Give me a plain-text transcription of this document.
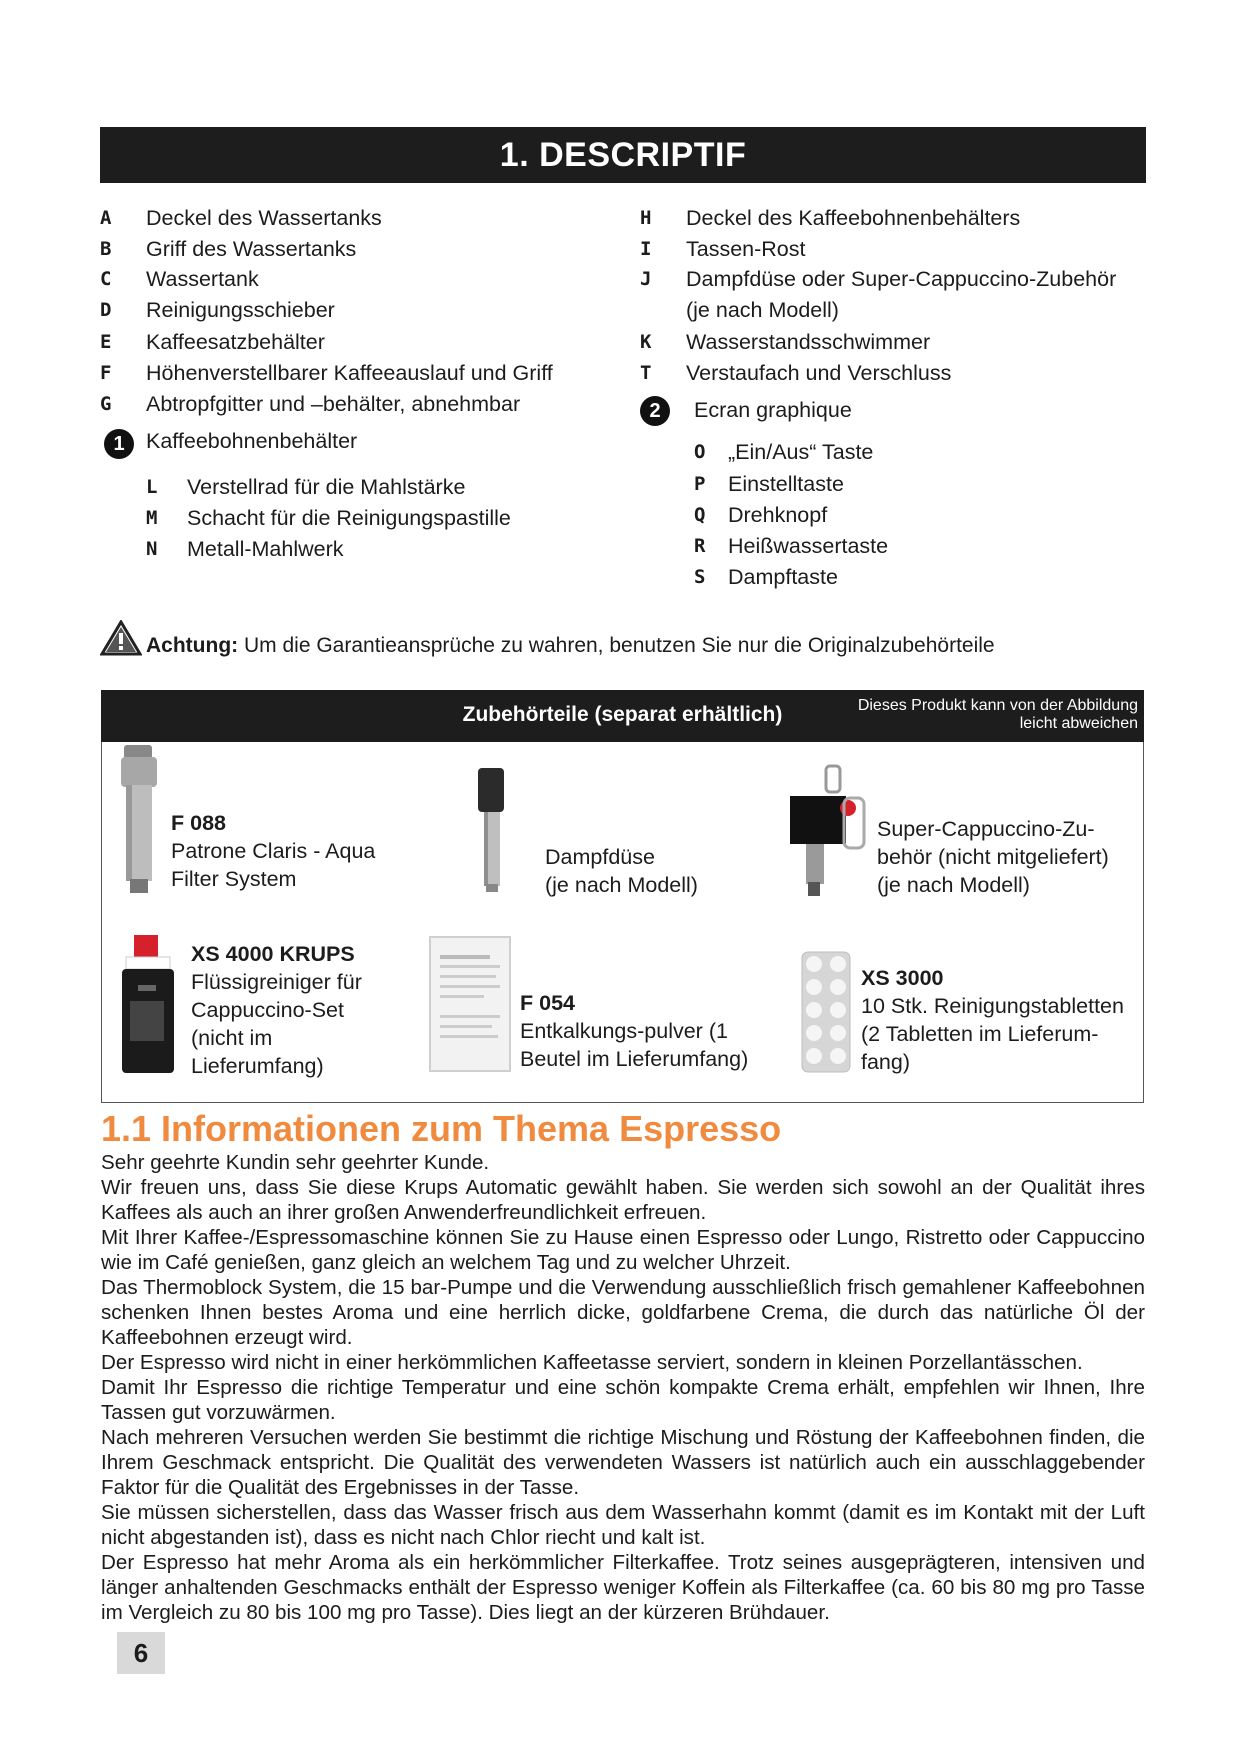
1. DESCRIPTIF
A Deckel des Wassertanks
B Griff des Wassertanks
C Wassertank
D Reinigungsschieber
E Kaffeesatzbehälter
F Höhenverstellbarer Kaffeeauslauf und Griff
G Abtropfgitter und –behälter, abnehmbar
1 Kaffeebohnenbehälter
L Verstellrad für die Mahlstärke
M Schacht für die Reinigungspastille
N Metall-Mahlwerk
H Deckel des Kaffeebohnenbehälters
I Tassen-Rost
J Dampfdüse oder Super-Cappuccino-Zubehör
(je nach Modell)
K Wasserstandsschwimmer
T Verstaufach und Verschluss
2	Ecran graphique
O „Ein/Aus“ Taste
P Einstelltaste
Q Drehknopf
R Heißwassertaste
S Dampftaste
Achtung: Um die Garantieansprüche zu wahren, benutzen Sie nur die Originalzubehörteile
Zubehörteile (separat erhältlich)	Dieses Produkt kann von der Abbildung
leicht abweichen
F 088
Patrone Claris - Aqua
Filter System
Dampfdüse
(je nach Modell)
Super-Cappuccino-Zu-
behör (nicht mitgeliefert)
(je nach Modell)
XS 4000 KRUPS
Flüssigreiniger für
Cappuccino-Set
(nicht im
Lieferumfang)
F 054
Entkalkungs-pulver (1
Beutel im Lieferumfang)
XS 3000
10 Stk. Reinigungstabletten
(2 Tabletten im Lieferum-
fang)
1.1 Informationen zum Thema Espresso

Sehr geehrte Kundin sehr geehrter Kunde.

Wir freuen uns, dass Sie diese Krups Automatic gewählt haben. Sie werden sich sowohl an der Qualität ihres Kaffees als auch an ihrer großen Anwenderfreundlichkeit erfreuen.

Mit Ihrer Kaffee-/Espressomaschine können Sie zu Hause einen Espresso oder Lungo, Ristretto oder Cappuccino wie im Café genießen, ganz gleich an welchem Tag und zu welcher Uhrzeit.

Das Thermoblock System, die 15 bar-Pumpe und die Verwendung ausschließlich frisch gemahlener Kaffeebohnen schenken Ihnen bestes Aroma und eine herrlich dicke, goldfarbene Crema, die durch das natürliche Öl der Kaffeebohnen erzeugt wird.

Der Espresso wird nicht in einer herkömmlichen Kaffeetasse serviert, sondern in kleinen Porzellantässchen.

Damit Ihr Espresso die richtige Temperatur und eine schön kompakte Crema erhält, empfehlen wir Ihnen, Ihre Tassen gut vorzuwärmen.

Nach mehreren Versuchen werden Sie bestimmt die richtige Mischung und Röstung der Kaffeebohnen finden, die Ihrem Geschmack entspricht. Die Qualität des verwendeten Wassers ist natürlich auch ein ausschlaggebender Faktor für die Qualität des Ergebnisses in der Tasse.

Sie müssen sicherstellen, dass das Wasser frisch aus dem Wasserhahn kommt (damit es im Kontakt mit der Luft nicht abgestanden ist), dass es nicht nach Chlor riecht und kalt ist.

Der Espresso hat mehr Aroma als ein herkömmlicher Filterkaffee. Trotz seines ausgeprägteren, intensiven und länger anhaltenden Geschmacks enthält der Espresso weniger Koffein als Filterkaffee (ca. 60 bis 80 mg pro Tasse im Vergleich zu 80 bis 100 mg pro Tasse). Dies liegt an der kürzeren Brühdauer.

6
